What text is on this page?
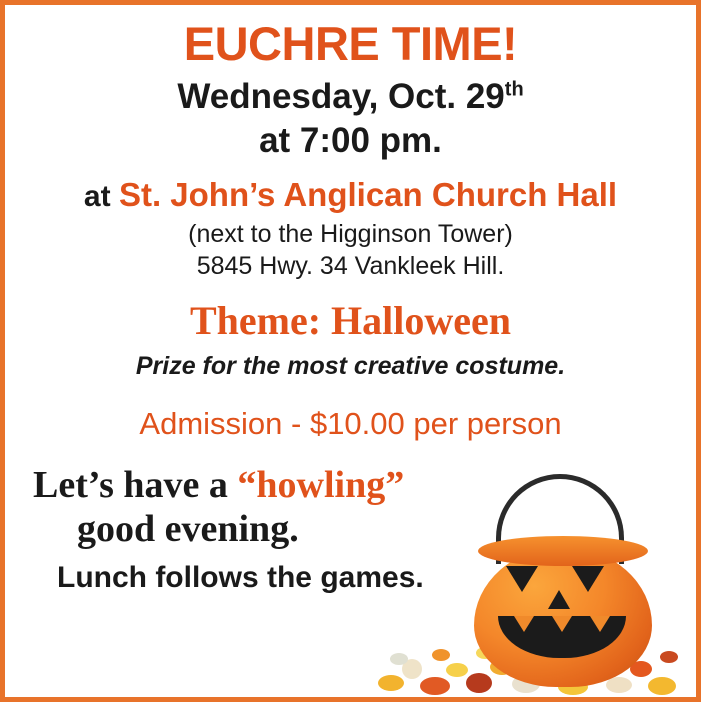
EUCHRE TIME!
Wednesday, Oct. 29th
at 7:00 pm.
at St. John’s Anglican Church Hall
(next to the Higginson Tower)
5845 Hwy. 34 Vankleek Hill.
Theme: Halloween
Prize for the most creative costume.
Admission - $10.00 per person
Let’s have a “howling”
good evening.
Lunch follows the games.
